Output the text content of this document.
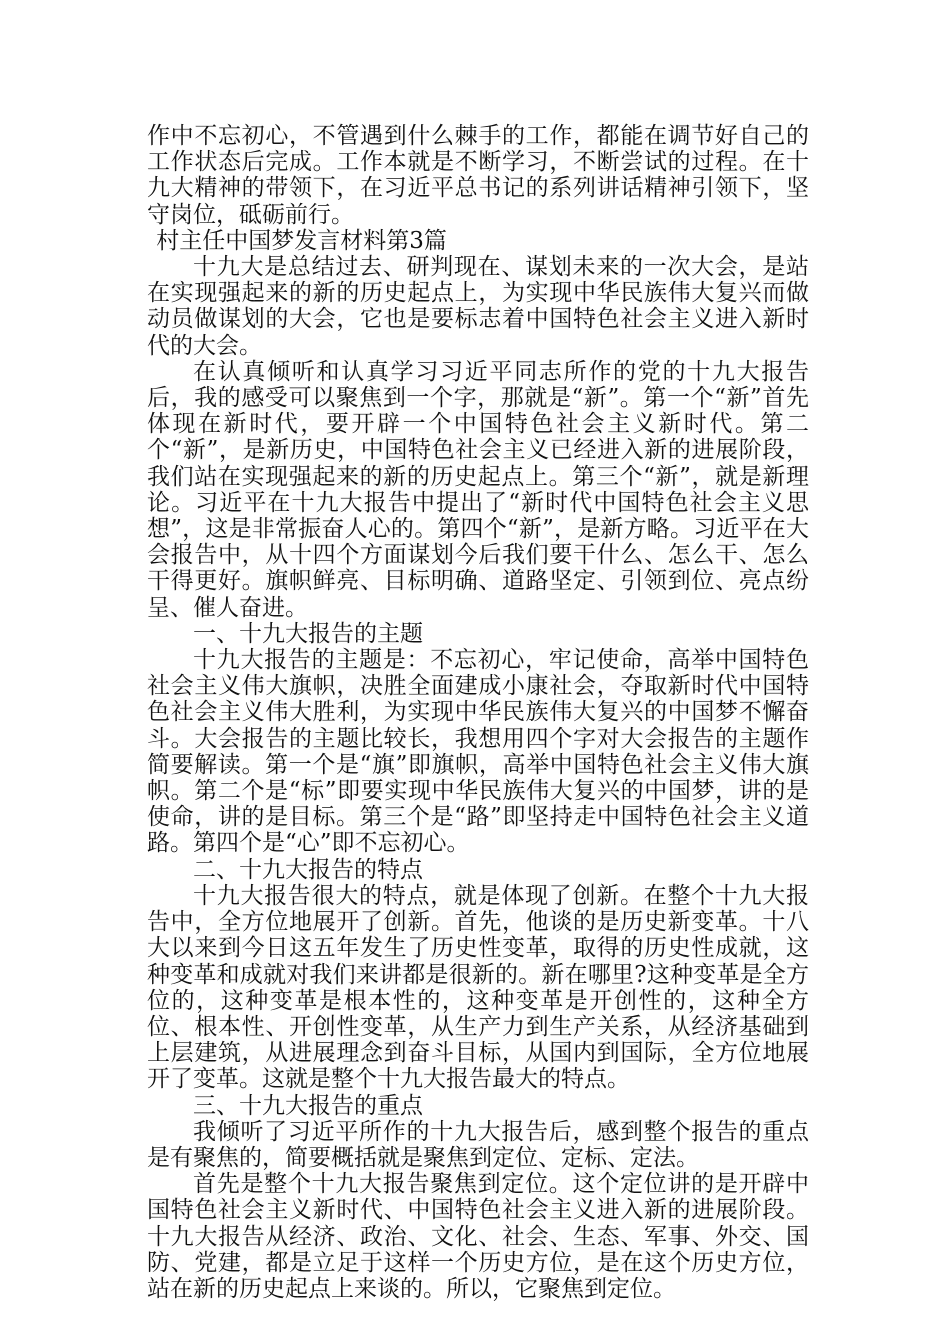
作中不忘初心，不管遇到什么棘手的工作，都能在调节好自己的工作状态后完成。工作本就是不断学习，不断尝试的过程。在十九大精神的带领下，在习近平总书记的系列讲话精神引领下，坚守岗位，砥砺前行。

村主任中国梦发言材料第3篇

十九大是总结过去、研判现在、谋划未来的一次大会，是站在实现强起来的新的历史起点上，为实现中华民族伟大复兴而做动员做谋划的大会，它也是要标志着中国特色社会主义进入新时代的大会。

在认真倾听和认真学习习近平同志所作的党的十九大报告后，我的感受可以聚焦到一个字，那就是“新”。第一个“新”首先体现在新时代，要开辟一个中国特色社会主义新时代。第二个“新”，是新历史，中国特色社会主义已经进入新的进展阶段，我们站在实现强起来的新的历史起点上。第三个“新”，就是新理论。习近平在十九大报告中提出了“新时代中国特色社会主义思想”，这是非常振奋人心的。第四个“新”，是新方略。习近平在大会报告中，从十四个方面谋划今后我们要干什么、怎么干、怎么干得更好。旗帜鲜亮、目标明确、道路坚定、引领到位、亮点纷呈、催人奋进。

一、十九大报告的主题

十九大报告的主题是：不忘初心，牢记使命，高举中国特色社会主义伟大旗帜，决胜全面建成小康社会，夺取新时代中国特色社会主义伟大胜利，为实现中华民族伟大复兴的中国梦不懈奋斗。大会报告的主题比较长，我想用四个字对大会报告的主题作简要解读。第一个是“旗”即旗帜，高举中国特色社会主义伟大旗帜。第二个是“标”即要实现中华民族伟大复兴的中国梦，讲的是使命，讲的是目标。第三个是“路”即坚持走中国特色社会主义道路。第四个是“心”即不忘初心。

二、十九大报告的特点

十九大报告很大的特点，就是体现了创新。在整个十九大报告中，全方位地展开了创新。首先，他谈的是历史新变革。十八大以来到今日这五年发生了历史性变革，取得的历史性成就，这种变革和成就对我们来讲都是很新的。新在哪里?这种变革是全方位的，这种变革是根本性的，这种变革是开创性的，这种全方位、根本性、开创性变革，从生产力到生产关系，从经济基础到上层建筑，从进展理念到奋斗目标，从国内到国际，全方位地展开了变革。这就是整个十九大报告最大的特点。

三、十九大报告的重点

我倾听了习近平所作的十九大报告后，感到整个报告的重点是有聚焦的，简要概括就是聚焦到定位、定标、定法。

首先是整个十九大报告聚焦到定位。这个定位讲的是开辟中国特色社会主义新时代、中国特色社会主义进入新的进展阶段。十九大报告从经济、政治、文化、社会、生态、军事、外交、国防、党建，都是立足于这样一个历史方位，是在这个历史方位，站在新的历史起点上来谈的。所以，它聚焦到定位。
